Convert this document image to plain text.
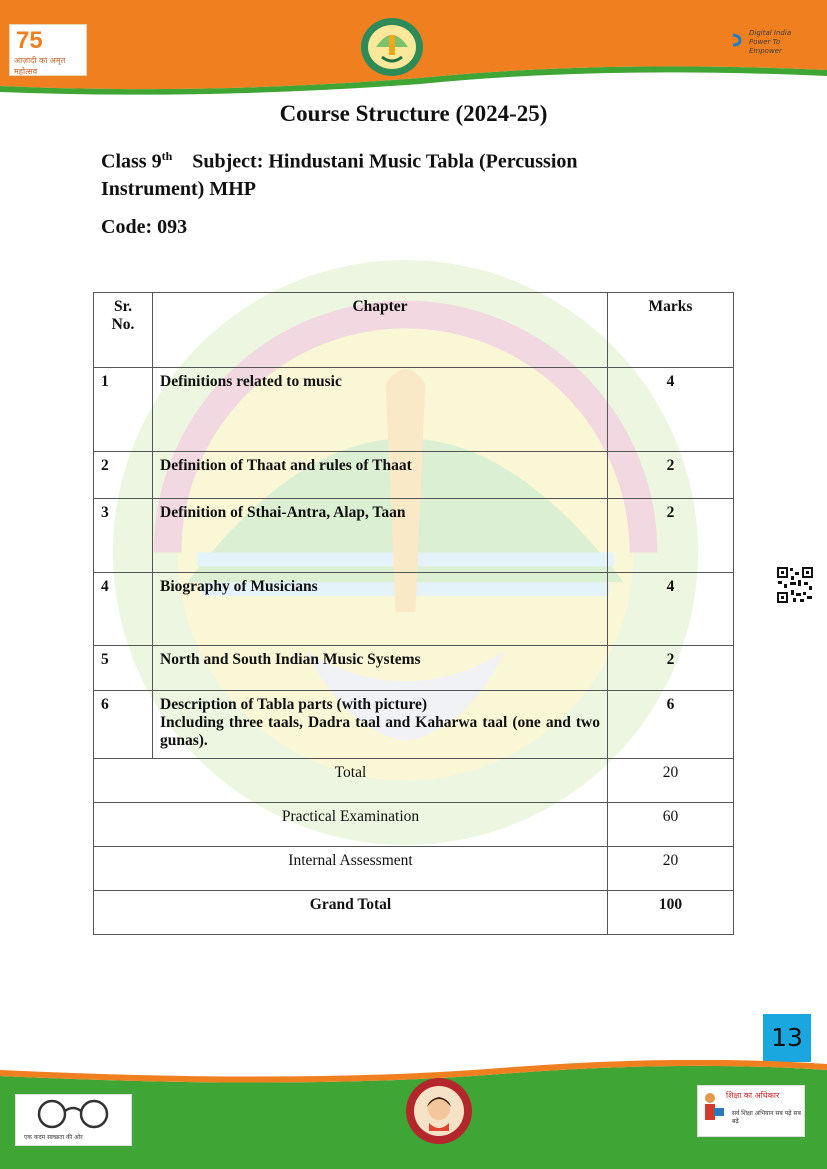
75
आज़ादी का अमृत महोत्सव
Digital India
Power To Empower
Course Structure (2024-25)
Class 9th Subject: Hindustani Music Tabla (Percussion
Instrument) MHP
Code: 093
Sr. No.	Chapter	Marks
1	Definitions related to music	4
2	Definition of Thaat and rules of Thaat	2
3	Definition of Sthai-Antra, Alap, Taan	2
4	Biography of Musicians	4
5	North and South Indian Music Systems	2
6	Description of Tabla parts (with picture)
Including three taals, Dadra taal and Kaharwa taal (one and two gunas).	6
Total		20
Practical Examination		60
Internal Assessment		20
Grand Total		100
13
एक कदम स्वच्छता की ओर
शिक्षा का अधिकार
सर्व शिक्षा अभियान सब पढ़ें सब बढ़ें
